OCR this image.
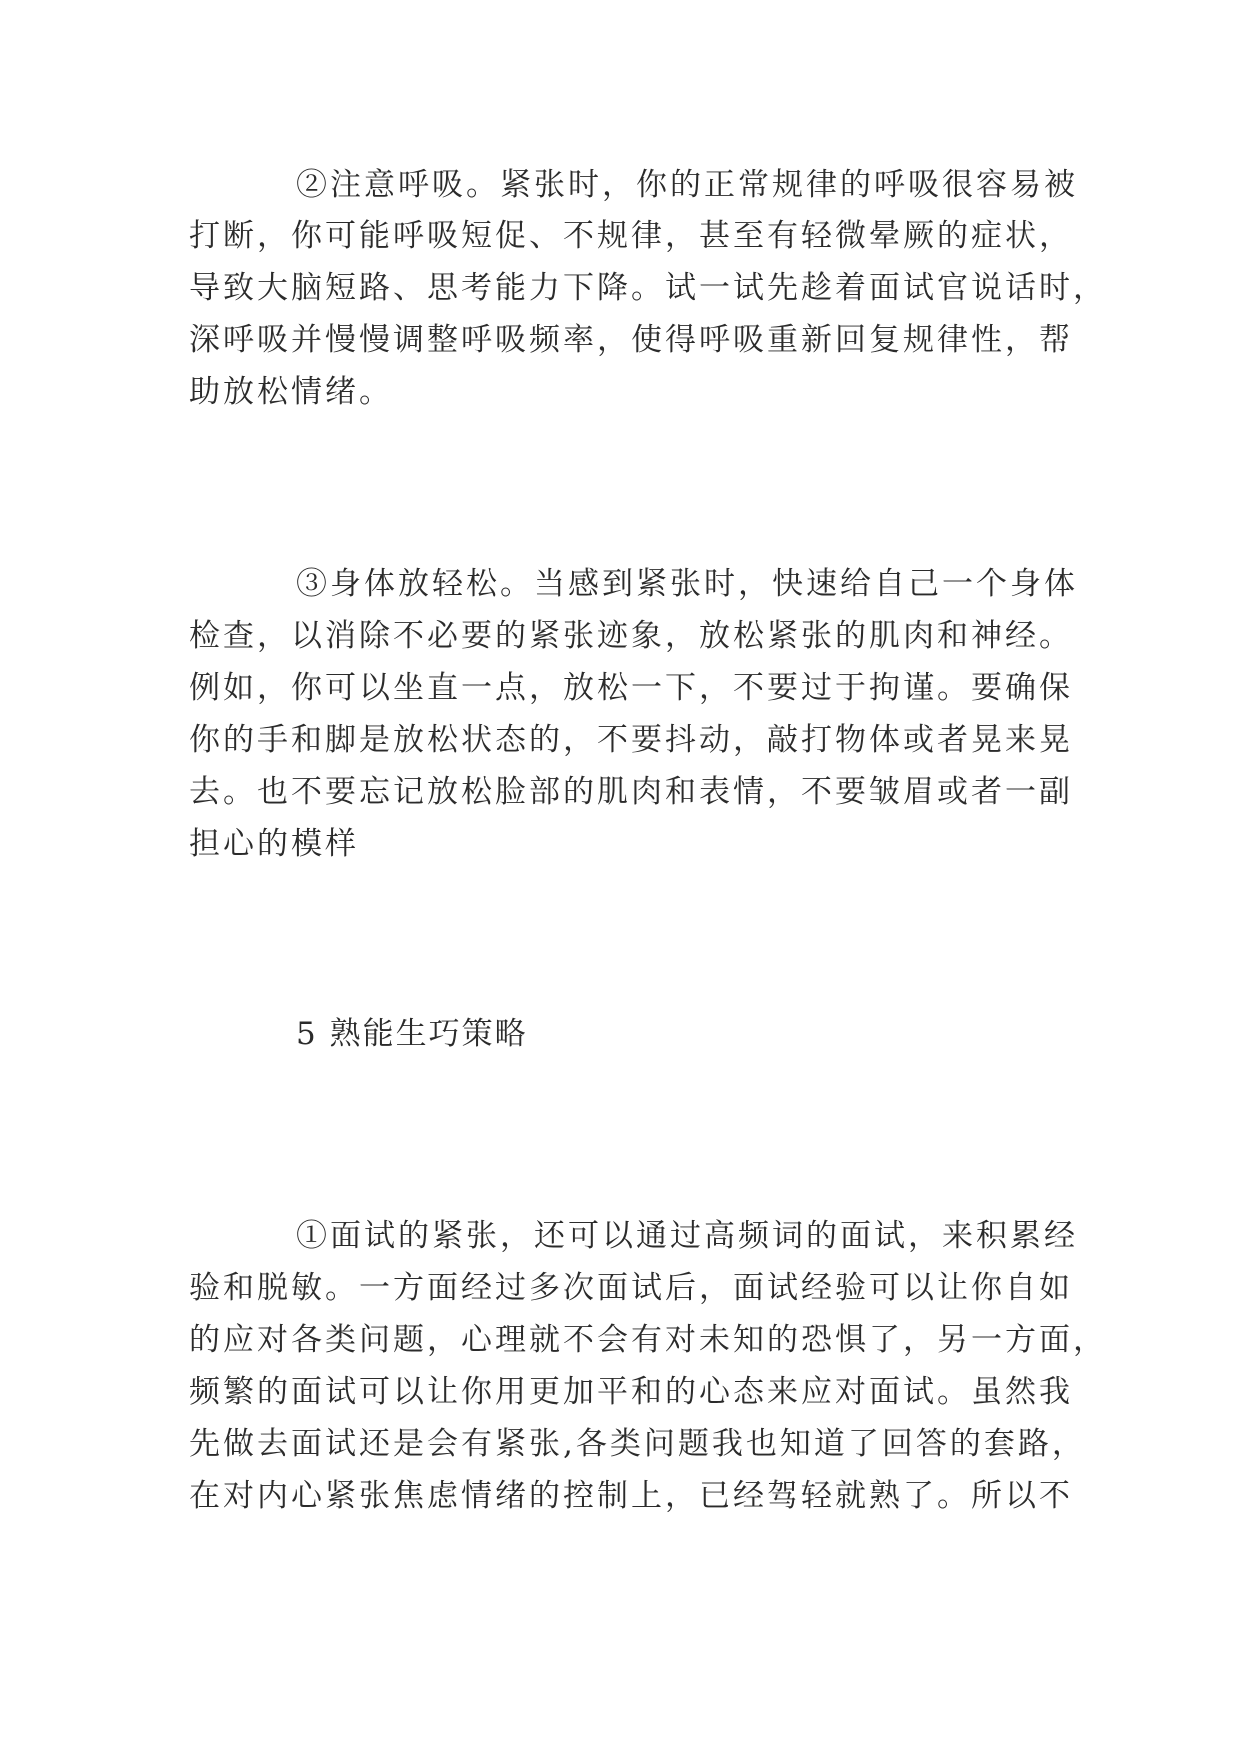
②注意呼吸。紧张时，你的正常规律的呼吸很容易被
打断，你可能呼吸短促、不规律，甚至有轻微晕厥的症状，
导致大脑短路、思考能力下降。试一试先趁着面试官说话时，
深呼吸并慢慢调整呼吸频率，使得呼吸重新回复规律性，帮
助放松情绪。
③身体放轻松。当感到紧张时，快速给自己一个身体
检查，以消除不必要的紧张迹象，放松紧张的肌肉和神经。
例如，你可以坐直一点，放松一下，不要过于拘谨。要确保
你的手和脚是放松状态的，不要抖动，敲打物体或者晃来晃
去。也不要忘记放松脸部的肌肉和表情，不要皱眉或者一副
担心的模样
5 熟能生巧策略
①面试的紧张，还可以通过高频词的面试，来积累经
验和脱敏。一方面经过多次面试后，面试经验可以让你自如
的应对各类问题，心理就不会有对未知的恐惧了，另一方面，
频繁的面试可以让你用更加平和的心态来应对面试。虽然我
先做去面试还是会有紧张,各类问题我也知道了回答的套路，
在对内心紧张焦虑情绪的控制上，已经驾轻就熟了。所以不
